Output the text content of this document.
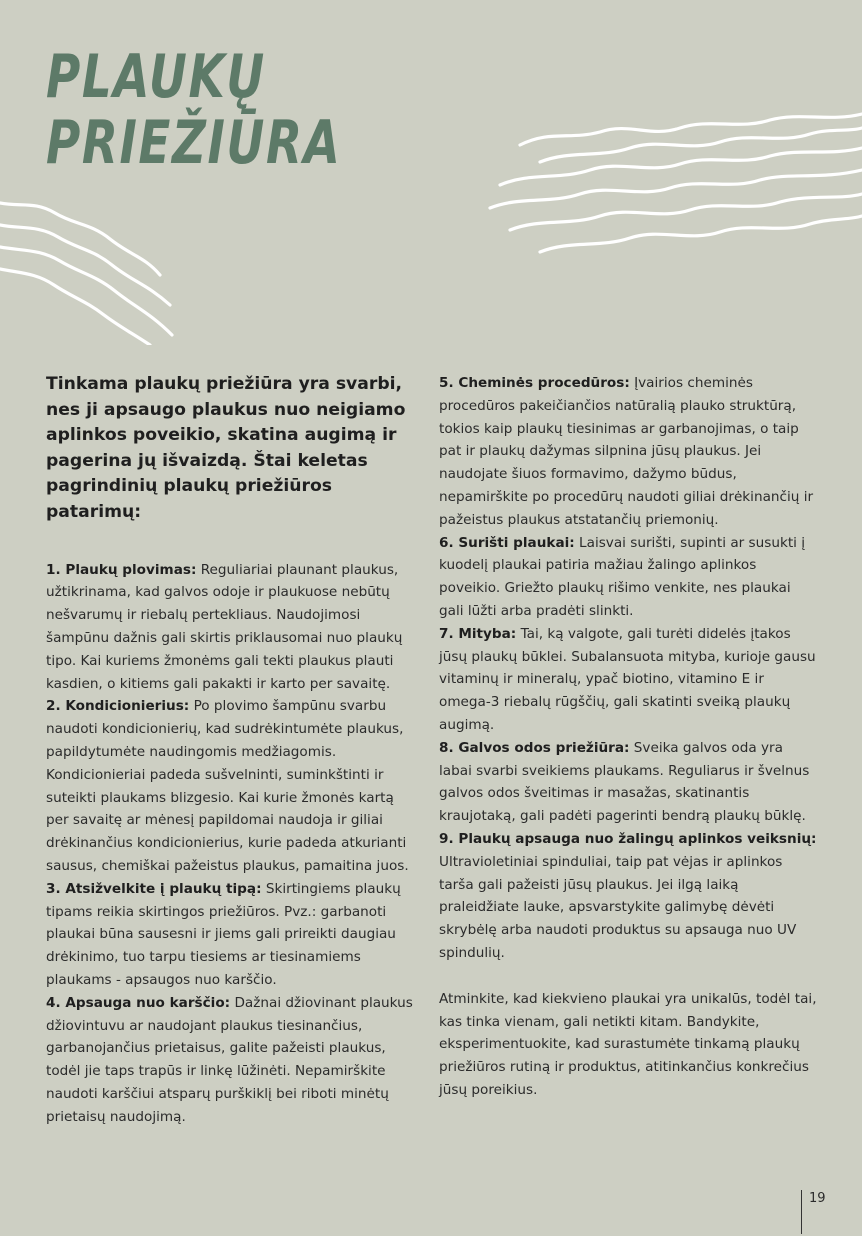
PLAUKŲ
PRIEŽIŪRA

Tinkama plaukų priežiūra yra svarbi, nes ji apsaugo plaukus nuo neigiamo aplinkos poveikio, skatina augimą ir pagerina jų išvaizdą. Štai keletas pagrindinių plaukų priežiūros patarimų:

1. Plaukų plovimas: Reguliariai plaunant plaukus, užtikrinama, kad galvos odoje ir plaukuose nebūtų nešvarumų ir riebalų pertekliaus. Naudojimosi šampūnu dažnis gali skirtis priklausomai nuo plaukų tipo. Kai kuriems žmonėms gali tekti plaukus plauti kasdien, o kitiems gali pakakti ir karto per savaitę.

2. Kondicionierius: Po plovimo šampūnu svarbu naudoti kondicionierių, kad sudrėkintumėte plaukus, papildytumėte naudingomis medžiagomis. Kondicionieriai padeda sušvelninti, suminkštinti ir suteikti plaukams blizgesio. Kai kurie žmonės kartą per savaitę ar mėnesį papildomai naudoja ir giliai drėkinančius kondicionierius, kurie padeda atkurianti sausus, chemiškai pažeistus plaukus, pamaitina juos.

3. Atsižvelkite į plaukų tipą: Skirtingiems plaukų tipams reikia skirtingos priežiūros. Pvz.: garbanoti plaukai būna sausesni ir jiems gali prireikti daugiau drėkinimo, tuo tarpu tiesiems ar tiesinamiems plaukams - apsaugos nuo karščio.

4. Apsauga nuo karščio: Dažnai džiovinant plaukus džiovintuvu ar naudojant plaukus tiesinančius, garbanojančius prietaisus, galite pažeisti plaukus, todėl jie taps trapūs ir linkę lūžinėti. Nepamirškite naudoti karščiui atsparų purškiklį bei riboti minėtų prietaisų naudojimą.

5. Cheminės procedūros: Įvairios cheminės procedūros pakeičiančios natūralią plauko struktūrą, tokios kaip plaukų tiesinimas ar garbanojimas, o taip pat ir plaukų dažymas silpnina jūsų plaukus. Jei naudojate šiuos formavimo, dažymo būdus, nepamirškite po procedūrų naudoti giliai drėkinančių ir pažeistus plaukus atstatančių priemonių.

6. Surišti plaukai: Laisvai surišti, supinti ar susukti į kuodelį plaukai patiria mažiau žalingo aplinkos poveikio. Griežto plaukų rišimo venkite, nes plaukai gali lūžti arba pradėti slinkti.

7. Mityba: Tai, ką valgote, gali turėti didelės įtakos jūsų plaukų būklei. Subalansuota mityba, kurioje gausu vitaminų ir mineralų, ypač biotino, vitamino E ir omega-3 riebalų rūgščių, gali skatinti sveiką plaukų augimą.

8. Galvos odos priežiūra: Sveika galvos oda yra labai svarbi sveikiems plaukams. Reguliarus ir švelnus galvos odos šveitimas ir masažas, skatinantis kraujotaką, gali padėti pagerinti bendrą plaukų būklę.

9. Plaukų apsauga nuo žalingų aplinkos veiksnių: Ultravioletiniai spinduliai, taip pat vėjas ir aplinkos tarša gali pažeisti jūsų plaukus. Jei ilgą laiką praleidžiate lauke, apsvarstykite galimybę dėvėti skrybėlę arba naudoti produktus su apsauga nuo UV spindulių.

Atminkite, kad kiekvieno plaukai yra unikalūs, todėl tai, kas tinka vienam, gali netikti kitam. Bandykite, eksperimentuokite, kad surastumėte tinkamą plaukų priežiūros rutiną ir produktus, atitinkančius konkrečius jūsų poreikius.

19
